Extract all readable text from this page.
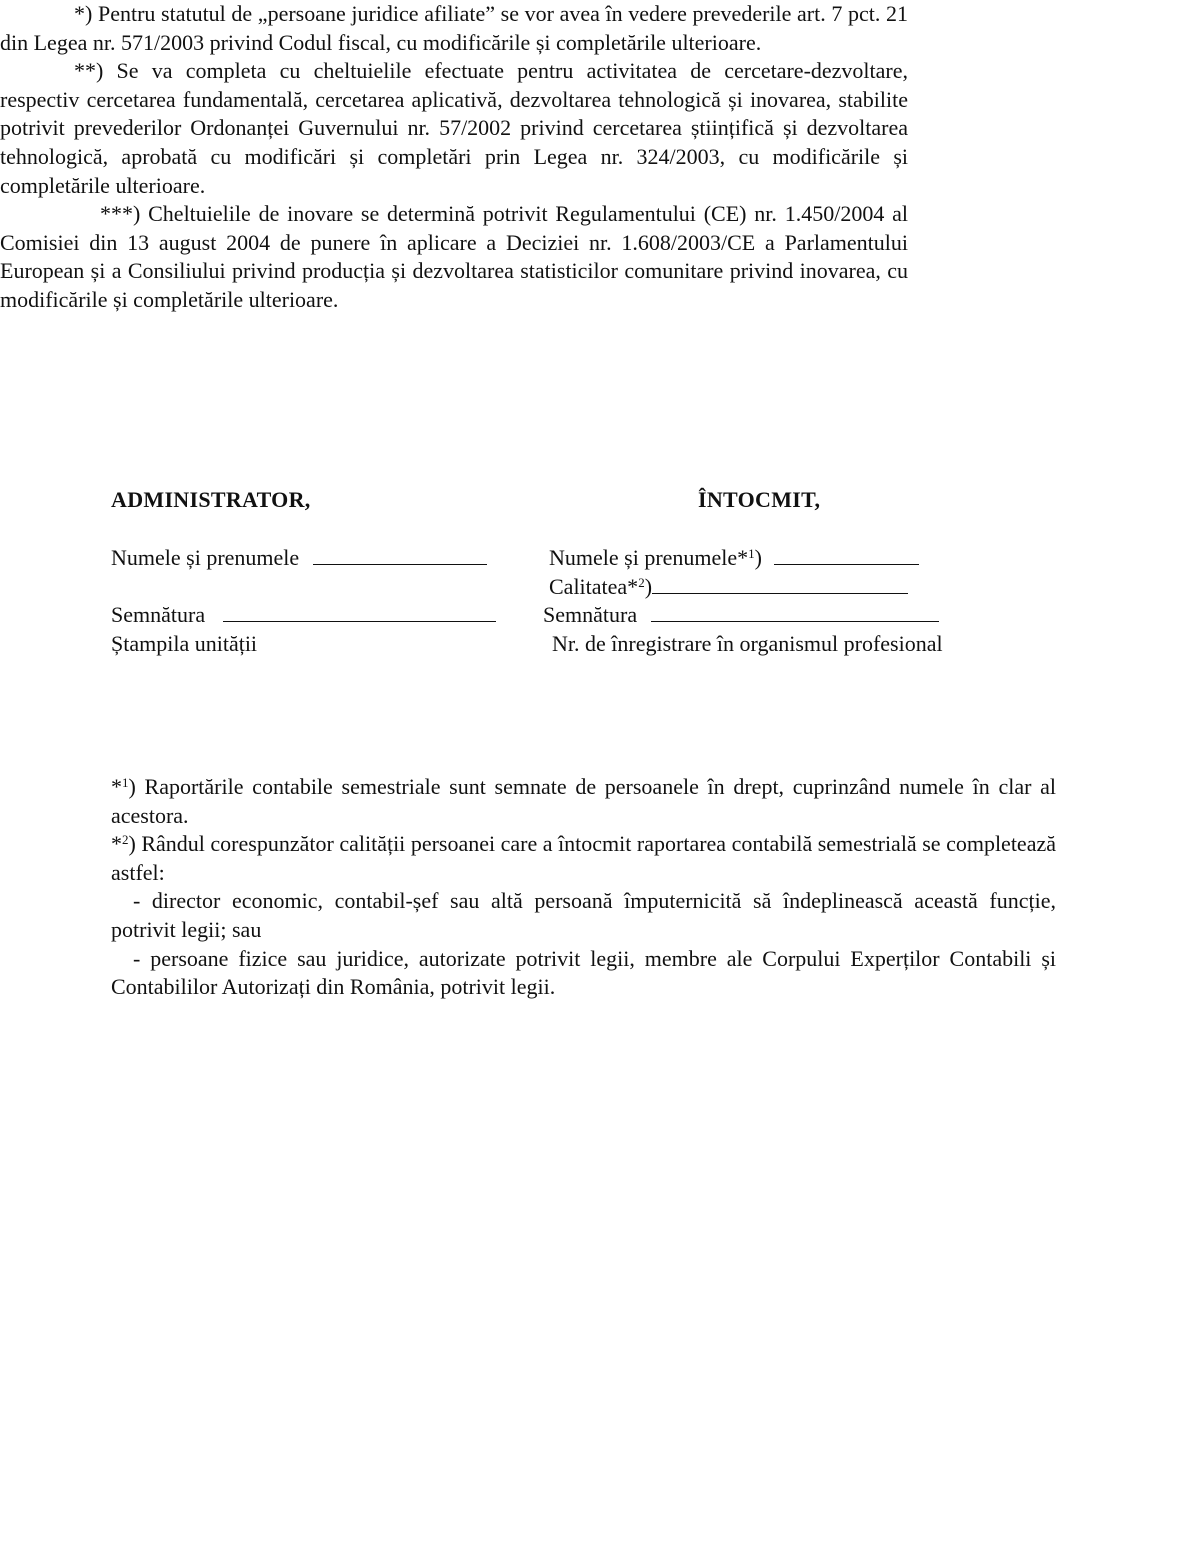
*) Pentru statutul de „persoane juridice afiliate” se vor avea în vedere prevederile art. 7 pct. 21 din Legea nr. 571/2003 privind Codul fiscal, cu modificările și completările ulterioare.
**) Se va completa cu cheltuielile efectuate pentru activitatea de cercetare-dezvoltare, respectiv cercetarea fundamentală, cercetarea aplicativă, dezvoltarea tehnologică și inovarea, stabilite potrivit prevederilor Ordonanței Guvernului nr. 57/2002 privind cercetarea științifică și dezvoltarea tehnologică, aprobată cu modificări și completări prin Legea nr. 324/2003, cu modificările și completările ulterioare.
***) Cheltuielile de inovare se determină potrivit Regulamentului (CE) nr. 1.450/2004 al Comisiei din 13 august 2004 de punere în aplicare a Deciziei nr. 1.608/2003/CE a Parlamentului European și a Consiliului privind producția și dezvoltarea statisticilor comunitare privind inovarea, cu modificările și completările ulterioare.
ADMINISTRATOR,	ÎNTOCMIT,
Numele și prenumele
Semnătura
Ștampila unității
Numele și prenumele*$^1$)
Calitatea*$^2$)
Semnătura
Nr. de înregistrare în organismul profesional
*$^1$) Raportările contabile semestriale sunt semnate de persoanele în drept, cuprinzând numele în clar al acestora.
*$^2$) Rândul corespunzător calității persoanei care a întocmit raportarea contabilă semestrială se completează astfel:
- director economic, contabil-șef sau altă persoană împuternicită să îndeplinească această funcție, potrivit legii; sau
- persoane fizice sau juridice, autorizate potrivit legii, membre ale Corpului Experților Contabili și Contabililor Autorizați din România, potrivit legii.
